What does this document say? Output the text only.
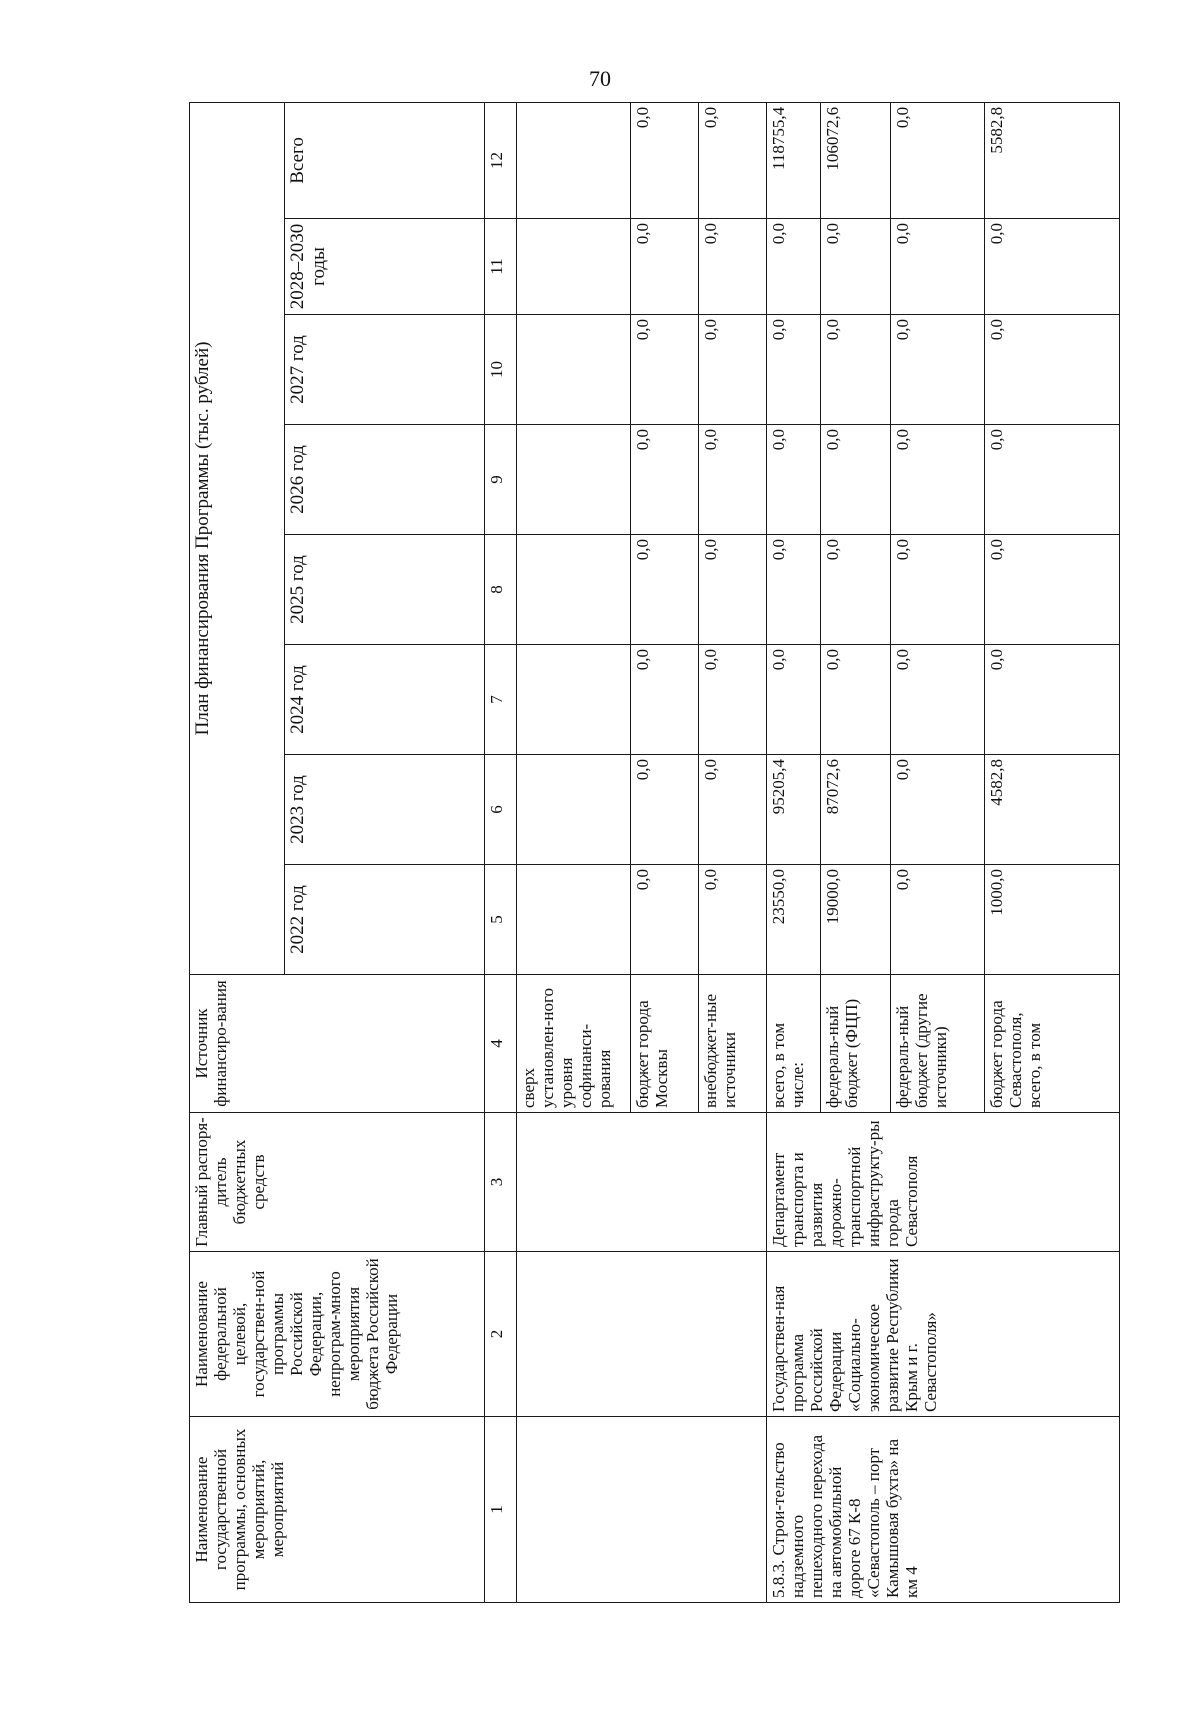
70
Наименование государственной программы, основных мероприятий, мероприятий	Наименование федеральной целевой, государствен-ной программы Российской Федерации, непрограм-много мероприятия бюджета Российской Федерации	Главный распоря-дитель бюджетных средств	Источник финансиро-вания	План финансирования Программы (тыс. рублей)							
				2022 год	2023 год	2024 год	2025 год	2026 год	2027 год	2028–2030 годы	Всего
1	2	3	4	5	6	7	8	9	10	11	12
			сверх установлен-ного уровня софинанси-рования								
			бюджет города Москвы	0,0	0,0	0,0	0,0	0,0	0,0	0,0	0,0
			внебюджет-ные источники	0,0	0,0	0,0	0,0	0,0	0,0	0,0	0,0
5.8.3. Строи-тельство надземного пешеходного перехода на автомобильной дороге 67 К-8 «Севастополь – порт Камышовая бухта» на км 4	Государствен-ная программа Российской Федерации «Социально-экономическое развитие Республики Крым и г. Севастополя»	Департамент транспорта и развития дорожно-транспортной инфраструкту-ры города Севастополя	всего, в том числе:	23550,0	95205,4	0,0	0,0	0,0	0,0	0,0	118755,4
			федераль-ный бюджет (ФЦП)	19000,0	87072,6	0,0	0,0	0,0	0,0	0,0	106072,6
			федераль-ный бюджет (другие источники)	0,0	0,0	0,0	0,0	0,0	0,0	0,0	0,0
			бюджет города Севастополя, всего, в том	1000,0	4582,8	0,0	0,0	0,0	0,0	0,0	5582,8
